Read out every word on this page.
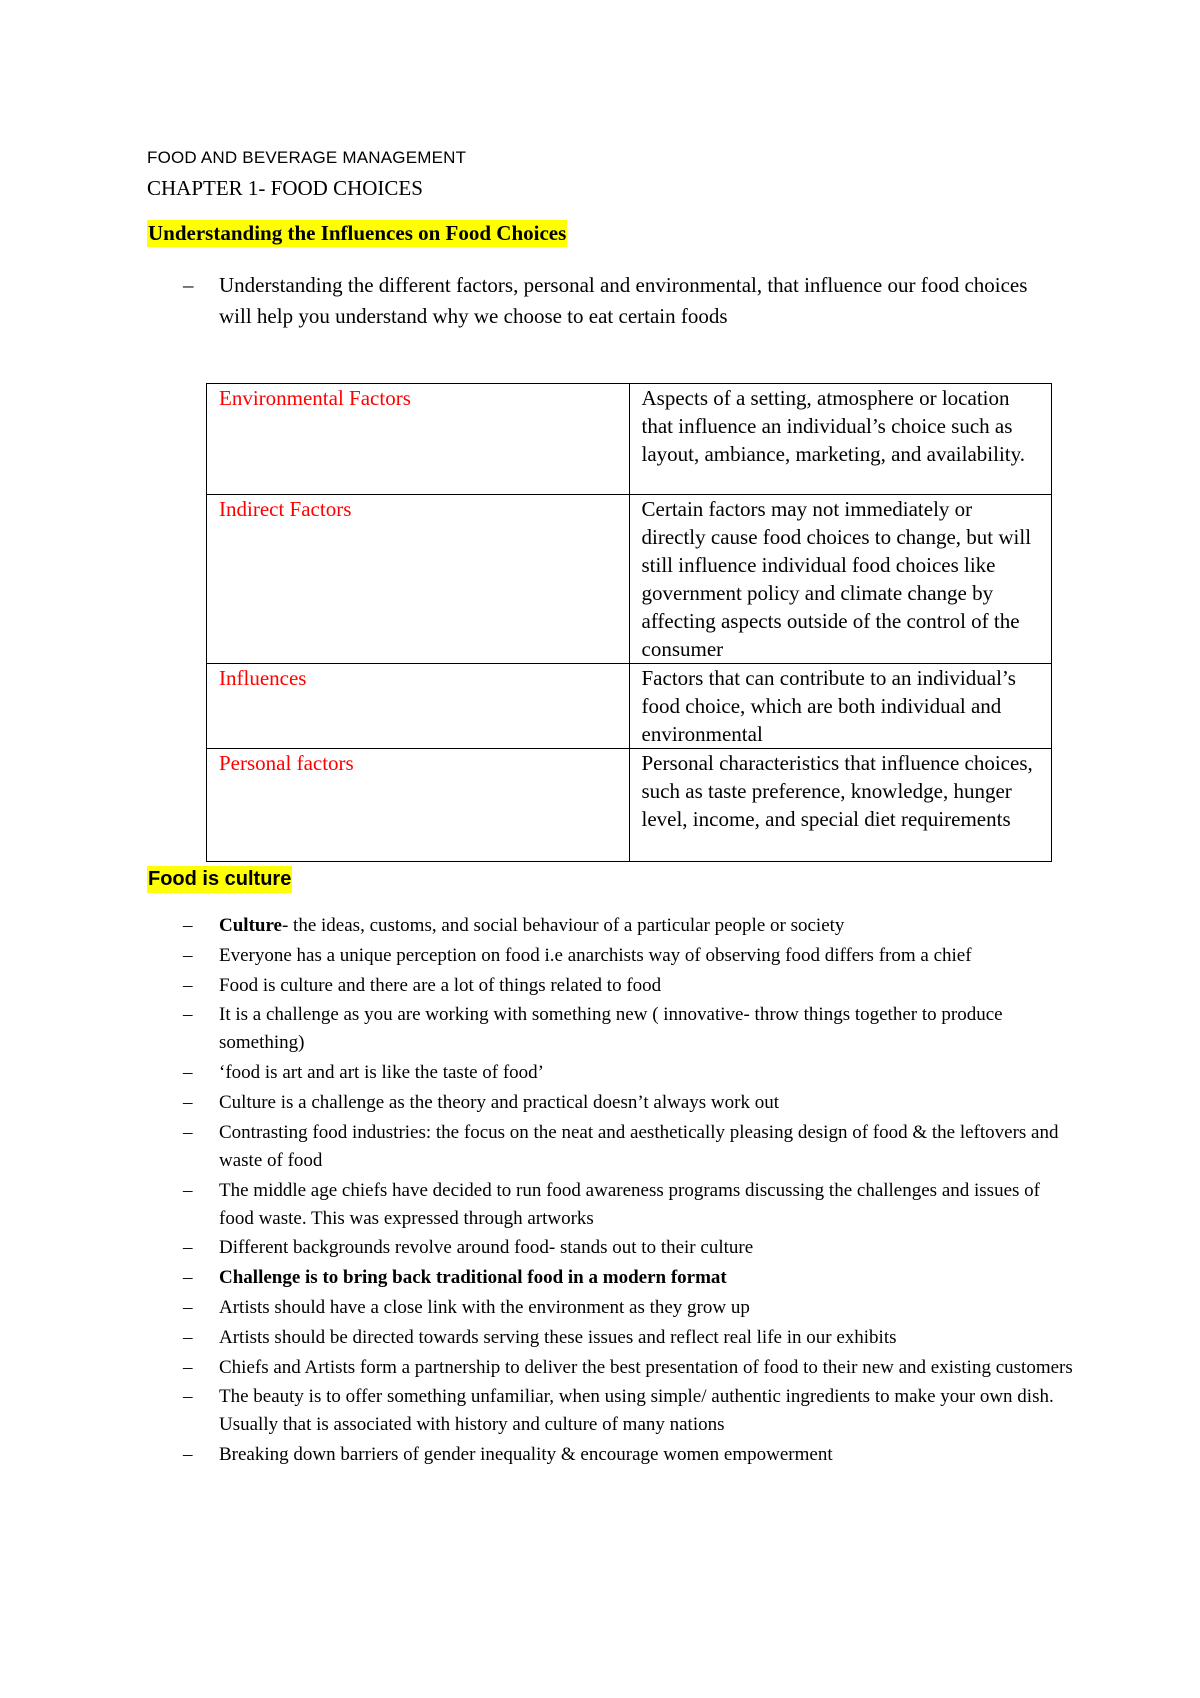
FOOD AND BEVERAGE MANAGEMENT
CHAPTER 1- FOOD CHOICES
Understanding the Influences on Food Choices
– Understanding the different factors, personal and environmental, that influence our food choices will help you understand why we choose to eat certain foods
Environmental Factors	Aspects of a setting, atmosphere or location that influence an individual’s choice such as layout, ambiance, marketing, and availability.
Indirect Factors	Certain factors may not immediately or directly cause food choices to change, but will still influence individual food choices like government policy and climate change by affecting aspects outside of the control of the consumer
Influences	Factors that can contribute to an individual’s food choice, which are both individual and environmental
Personal factors	Personal characteristics that influence choices, such as taste preference, knowledge, hunger level, income, and special diet requirements
Food is culture
– Culture- the ideas, customs, and social behaviour of a particular people or society
– Everyone has a unique perception on food i.e anarchists way of observing food differs from a chief
– Food is culture and there are a lot of things related to food
– It is a challenge as you are working with something new ( innovative- throw things together to produce something)
– ‘food is art and art is like the taste of food’
– Culture is a challenge as the theory and practical doesn’t always work out
– Contrasting food industries: the focus on the neat and aesthetically pleasing design of food & the leftovers and waste of food
– The middle age chiefs have decided to run food awareness programs discussing the challenges and issues of food waste. This was expressed through artworks
– Different backgrounds revolve around food- stands out to their culture
– Challenge is to bring back traditional food in a modern format
– Artists should have a close link with the environment as they grow up
– Artists should be directed towards serving these issues and reflect real life in our exhibits
– Chiefs and Artists form a partnership to deliver the best presentation of food to their new and existing customers
– The beauty is to offer something unfamiliar, when using simple/ authentic ingredients to make your own dish. Usually that is associated with history and culture of many nations
– Breaking down barriers of gender inequality & encourage women empowerment
